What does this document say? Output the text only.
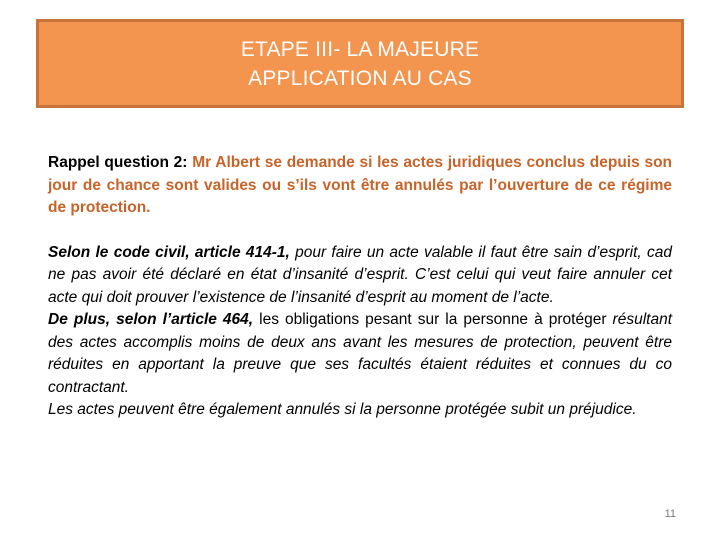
ETAPE III- LA MAJEURE
APPLICATION AU CAS

Rappel question 2: Mr Albert se demande si les actes juridiques conclus depuis son jour de chance sont valides ou s’ils vont être annulés par l’ouverture de ce régime de protection.

Selon le code civil, article 414-1, pour faire un acte valable il faut être sain d’esprit, cad ne pas avoir été déclaré en état d’insanité d’esprit. C’est celui qui veut faire annuler cet acte qui doit prouver l’existence de l’insanité d’esprit au moment de l’acte.

De plus, selon l’article 464, les obligations pesant sur la personne à protéger résultant des actes accomplis moins de deux ans avant les mesures de protection, peuvent être réduites en apportant la preuve que ses facultés étaient réduites et connues du co contractant.

Les actes peuvent être également annulés si la personne protégée subit un préjudice.

11
